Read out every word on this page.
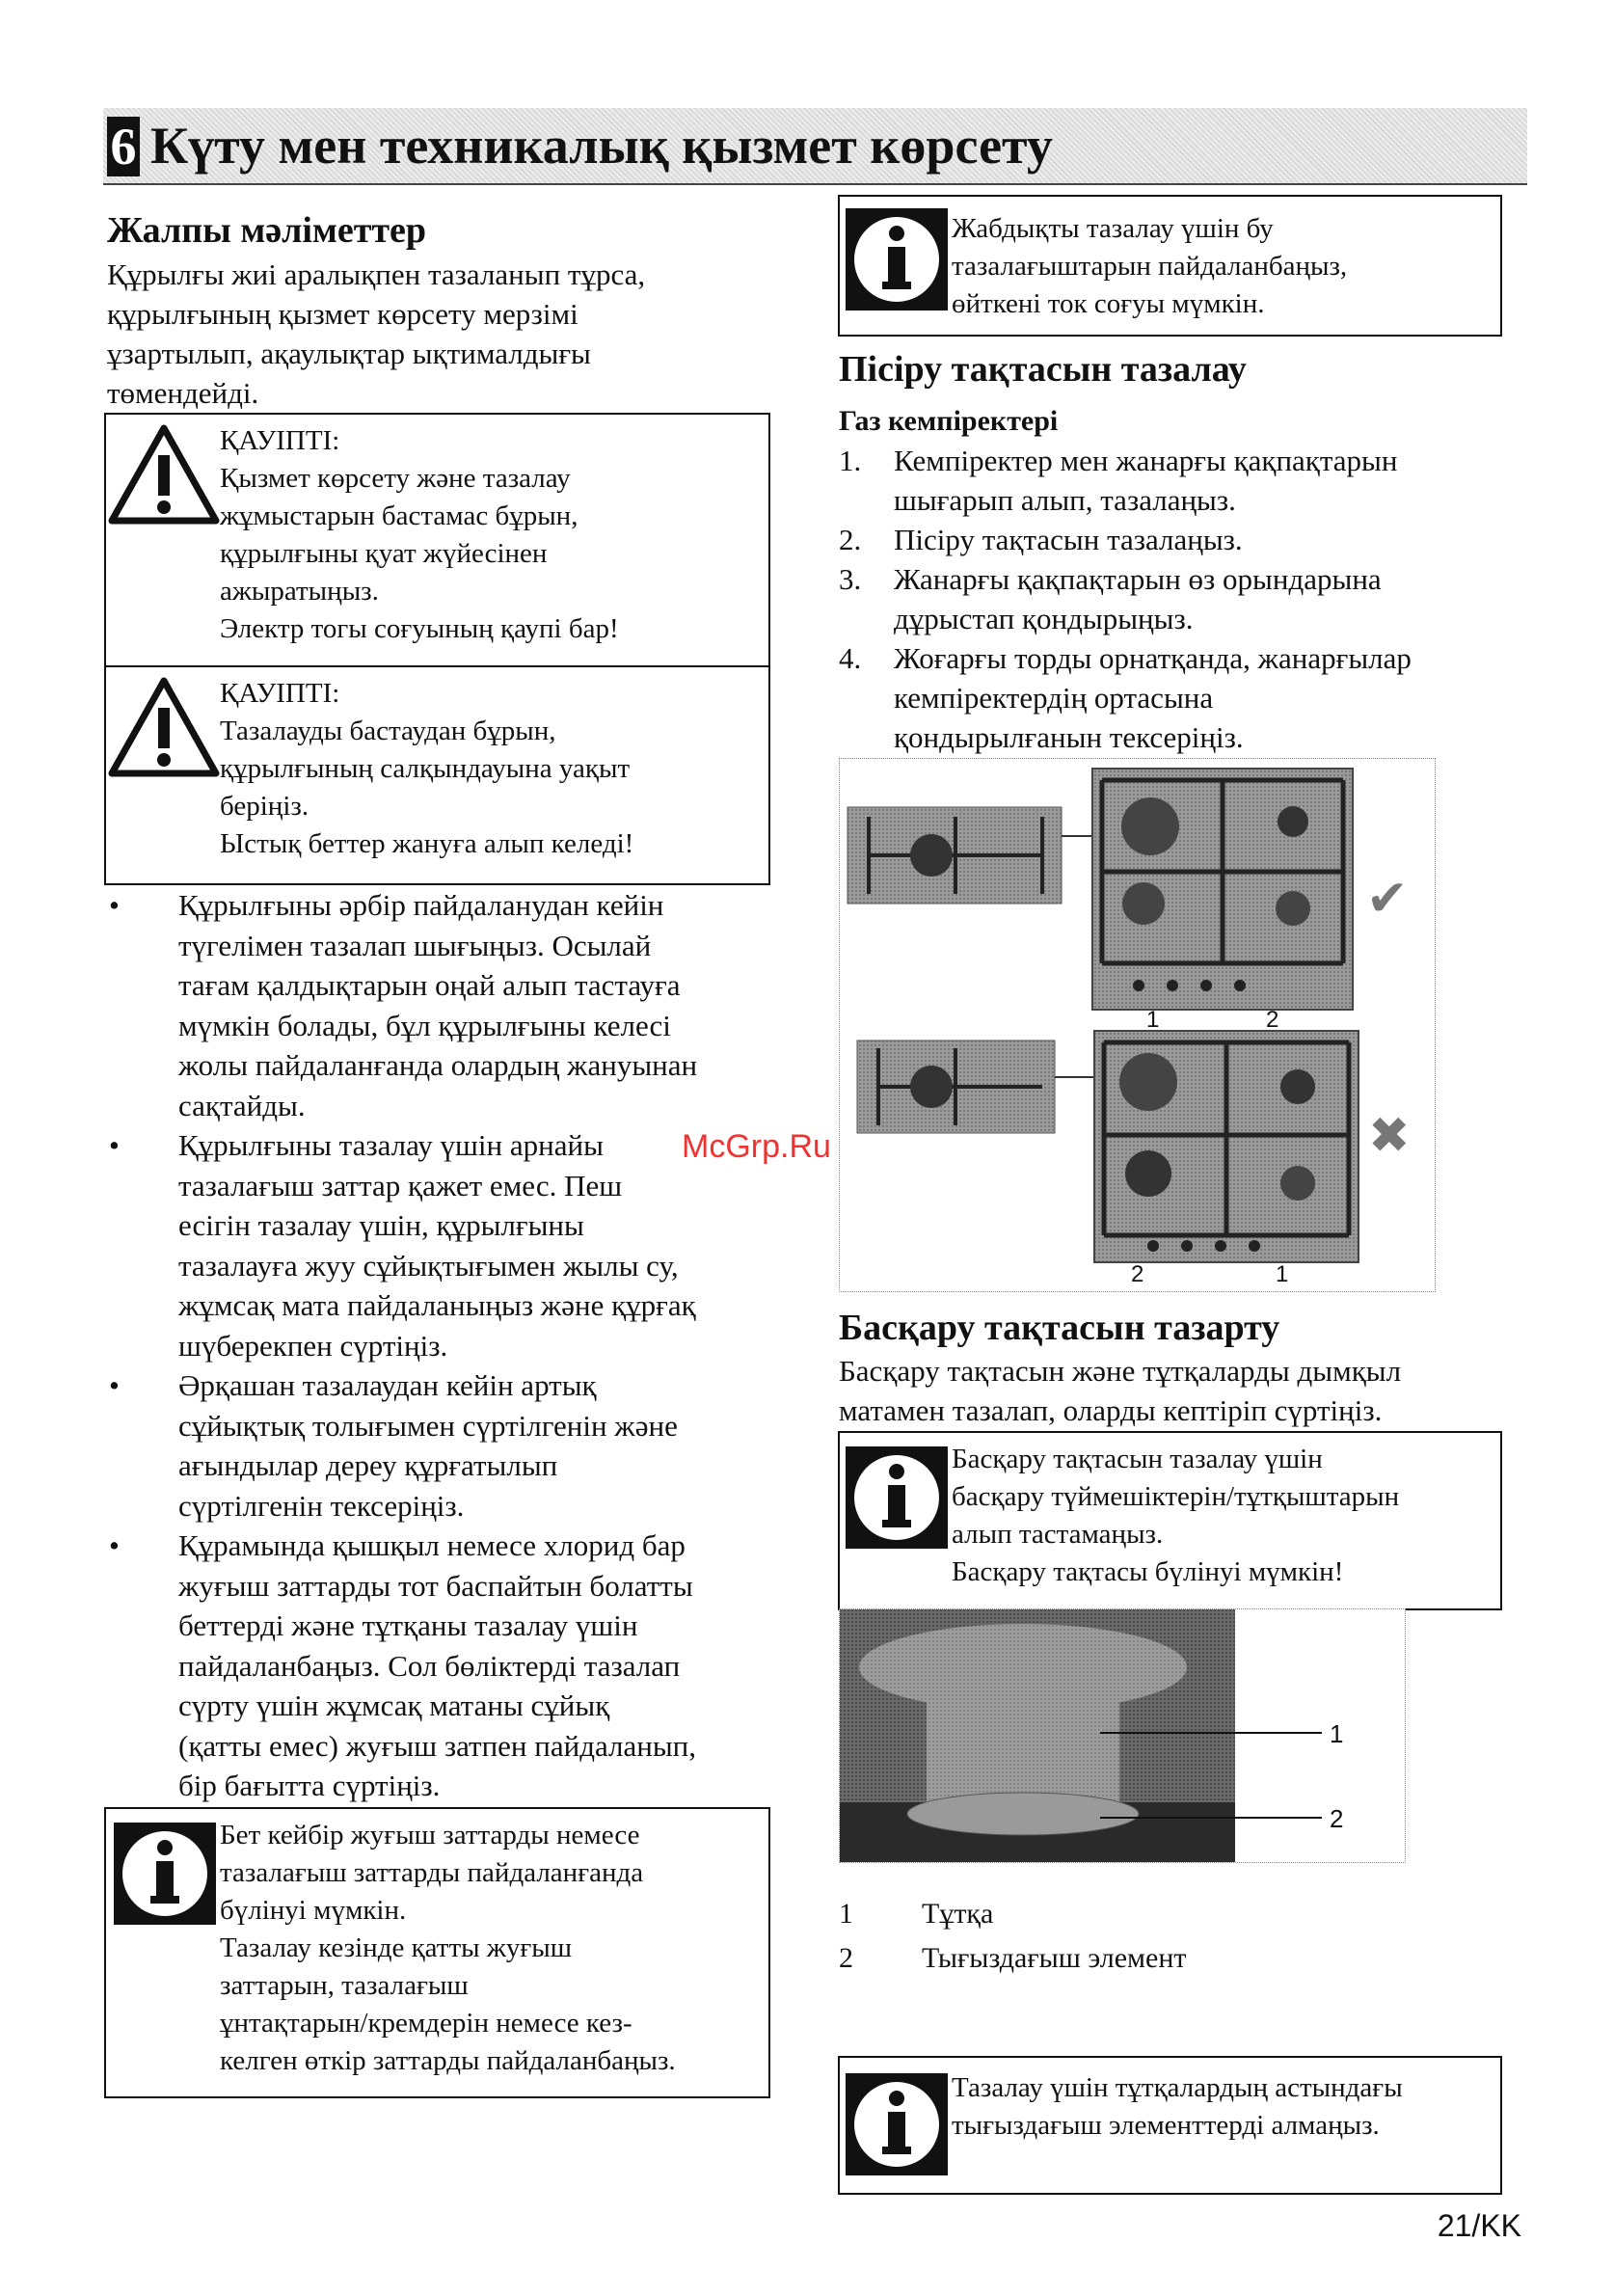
6 Күту мен техникалық қызмет көрсету
Жалпы мәліметтер

Құрылғы жиі аралықпен тазаланып тұрса,

құрылғының қызмет көрсету мерзімі

ұзартылып, ақаулықтар ықтималдығы

төмендейді.

ҚАУІПТІ:
Қызмет көрсету және тазалау
жұмыстарын бастамас бұрын,
құрылғыны қуат жүйесінен
ажыратыңыз.
Электр тогы соғуының қаупі бар!
ҚАУІПТІ:
Тазалауды бастаудан бұрын,
құрылғының салқындауына уақыт
беріңіз.
Ыстық беттер жануға алып келеді!
• Құрылғыны әрбір пайдаланудан кейін
түгелімен тазалап шығыңыз. Осылай
тағам қалдықтарын оңай алып тастауға
мүмкін болады, бұл құрылғыны келесі
жолы пайдаланғанда олардың жануынан
сақтайды.
• Құрылғыны тазалау үшін арнайы
тазалағыш заттар қажет емес. Пеш
есігін тазалау үшін, құрылғыны
тазалауға жуу сұйықтығымен жылы су,
жұмсақ мата пайдаланыңыз және құрғақ
шүберекпен сүртіңіз.
• Әрқашан тазалаудан кейін артық
сұйықтық толығымен сүртілгенін және
ағындылар дереу құрғатылып
сүртілгенін тексеріңіз.
• Құрамында қышқыл немесе хлорид бар
жуғыш заттарды тот баспайтын болатты
беттерді және тұтқаны тазалау үшін
пайдаланбаңыз. Сол бөліктерді тазалап
сүрту үшін жұмсақ матаны сұйық
(қатты емес) жуғыш затпен пайдаланып,
бір бағытта сүртіңіз.
Бет кейбір жуғыш заттарды немесе
тазалағыш заттарды пайдаланғанда
бүлінуі мүмкін.
Тазалау кезінде қатты жуғыш
заттарын, тазалағыш
ұнтақтарын/кремдерін немесе кез-
келген өткір заттарды пайдаланбаңыз.
Жабдықты тазалау үшін бу
тазалағыштарын пайдаланбаңыз,
өйткені ток соғуы мүмкін.
Пісіру тақтасын тазалау
Газ кемпіректері
1. Кемпіректер мен жанарғы қақпақтарын
шығарып алып, тазалаңыз.
2. Пісіру тақтасын тазалаңыз.
3. Жанарғы қақпақтарын өз орындарына
дұрыстап қондырыңыз.
4. Жоғарғы торды орнатқанда, жанарғылар
кемпіректердің ортасына
қондырылғанын тексеріңіз.
1	2
2	1
✔
✖
McGrp.Ru
Басқару тақтасын тазарту

Басқару тақтасын және тұтқаларды дымқыл

матамен тазалап, оларды кептіріп сүртіңіз.

Басқару тақтасын тазалау үшін
басқару түймешіктерін/тұтқыштарын
алып тастамаңыз.
Басқару тақтасы бүлінуі мүмкін!
1
2
1 Тұтқа
2 Тығыздағыш элемент
Тазалау үшін тұтқалардың астындағы
тығыздағыш элементтерді алмаңыз.
21/KK
